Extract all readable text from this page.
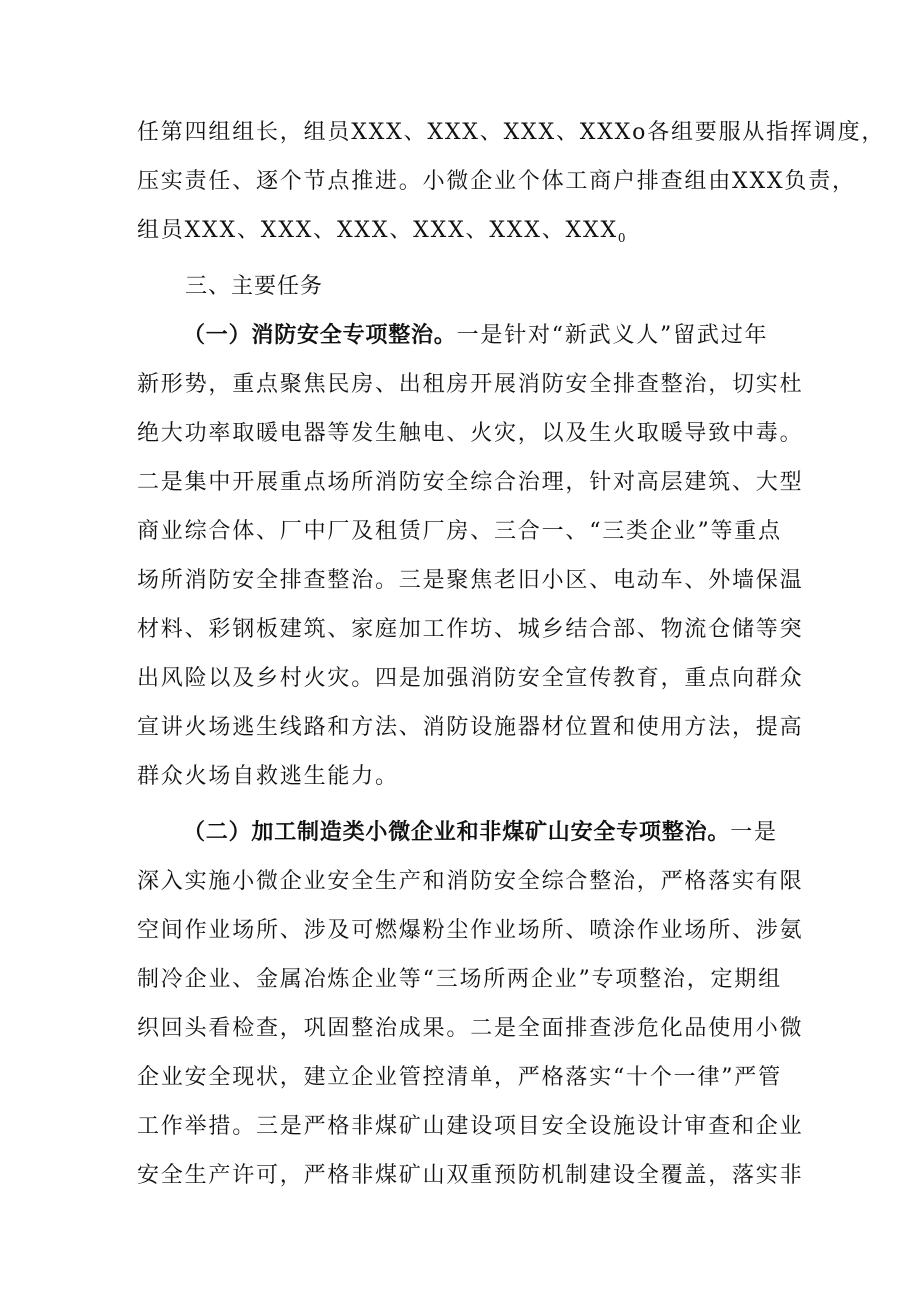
任第四组组长，组员XXX、XXX、XXX、XXXo各组要服从指挥调度，
压实责任、逐个节点推进。小微企业个体工商户排查组由XXX负责，
组员XXX、XXX、XXX、XXX、XXX、$XXX_0$
三、主要任务
（一）消防安全专项整治。一是针对“新武义人”留武过年
新形势，重点聚焦民房、出租房开展消防安全排查整治，切实杜
绝大功率取暖电器等发生触电、火灾，以及生火取暖导致中毒。
二是集中开展重点场所消防安全综合治理，针对高层建筑、大型
商业综合体、厂中厂及租赁厂房、三合一、“三类企业”等重点
场所消防安全排查整治。三是聚焦老旧小区、电动车、外墙保温
材料、彩钢板建筑、家庭加工作坊、城乡结合部、物流仓储等突
出风险以及乡村火灾。四是加强消防安全宣传教育，重点向群众
宣讲火场逃生线路和方法、消防设施器材位置和使用方法，提高
群众火场自救逃生能力。
（二）加工制造类小微企业和非煤矿山安全专项整治。一是
深入实施小微企业安全生产和消防安全综合整治，严格落实有限
空间作业场所、涉及可燃爆粉尘作业场所、喷涂作业场所、涉氨
制冷企业、金属冶炼企业等“三场所两企业”专项整治，定期组
织回头看检查，巩固整治成果。二是全面排查涉危化品使用小微
企业安全现状，建立企业管控清单，严格落实“十个一律”严管
工作举措。三是严格非煤矿山建设项目安全设施设计审查和企业
安全生产许可，严格非煤矿山双重预防机制建设全覆盖，落实非
